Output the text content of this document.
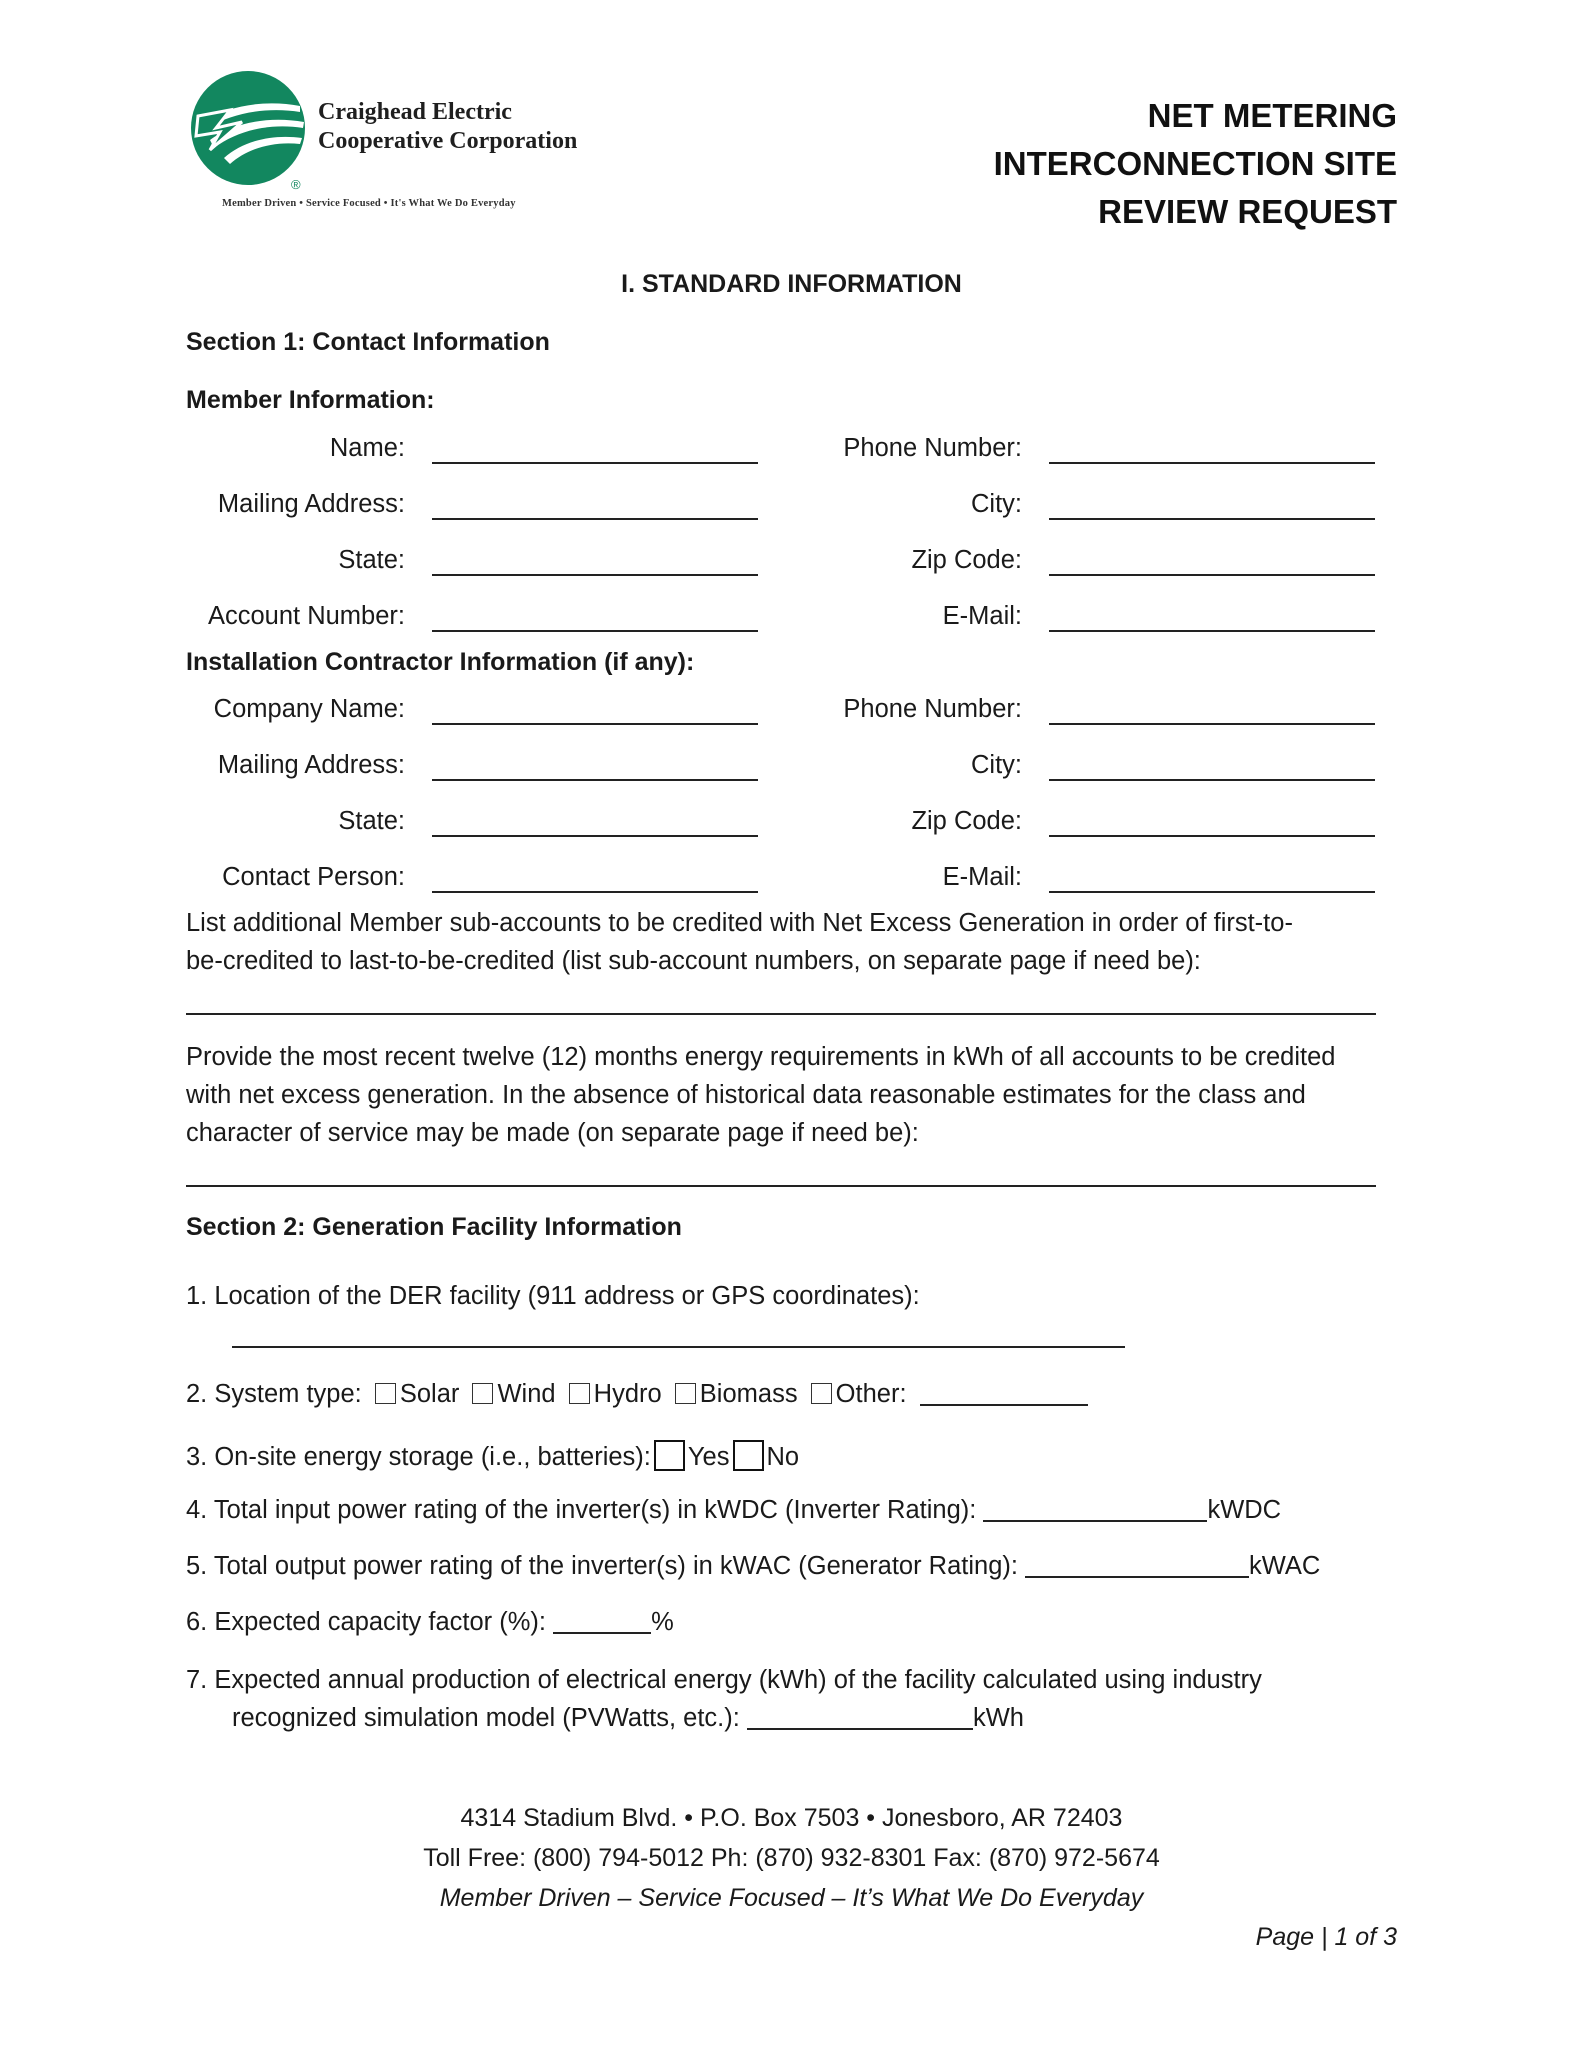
Craighead Electric
Cooperative Corporation
®
Member Driven • Service Focused • It's What We Do Everyday
NET METERING
INTERCONNECTION SITE
REVIEW REQUEST
I. STANDARD INFORMATION
Section 1: Contact Information
Member Information:
Name:	Phone Number:
Mailing Address:	City:
State:	Zip Code:
Account Number:	E-Mail:
Installation Contractor Information (if any):
Company Name:	Phone Number:
Mailing Address:	City:
State:	Zip Code:
Contact Person:	E-Mail:
List additional Member sub-accounts to be credited with Net Excess Generation in order of first-to-
be-credited to last-to-be-credited (list sub-account numbers, on separate page if need be):
Provide the most recent twelve (12) months energy requirements in kWh of all accounts to be credited
with net excess generation. In the absence of historical data reasonable estimates for the class and
character of service may be made (on separate page if need be):
Section 2: Generation Facility Information
1. Location of the DER facility (911 address or GPS coordinates):
2. System type: Solar Wind Hydro Biomass Other:
3. On-site energy storage (i.e., batteries): Yes No
4. Total input power rating of the inverter(s) in kWDC (Inverter Rating):	kWDC
5. Total output power rating of the inverter(s) in kWAC (Generator Rating):	kWAC
6. Expected capacity factor (%):	%
7. Expected annual production of electrical energy (kWh) of the facility calculated using industry
recognized simulation model (PVWatts, etc.):	kWh
4314 Stadium Blvd. • P.O. Box 7503 • Jonesboro, AR 72403
Toll Free: (800) 794-5012 Ph: (870) 932-8301 Fax: (870) 972-5674
Member Driven – Service Focused – It’s What We Do Everyday
Page | 1 of 3
